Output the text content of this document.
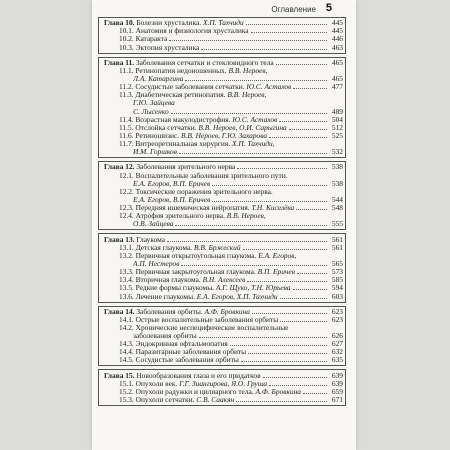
Оглавление 5
Глава 10. Болезни хрусталика. Х.П. Тахчиди	445
10.1. Анатомия и физиология хрусталика	445
10.2. Катаракта	446
10.3. Эктопия хрусталика	463
Глава 11. Заболевания сетчатки и стекловидного тела	465
11.1. Ретинопатия недоношенных. В.В. Нероев,
Л.А. Катаргина	465
11.2. Сосудистые заболевания сетчатки. Ю.С. Астахов	477
11.3. Диабетическая ретинопатия. В.В. Нероев,
Г.Ю. Зайцева
С. Лысенко	489
11.4. Возрастная макулодистрофия. Ю.С. Астахов	504
11.5. Отслойка сетчатки. В.В. Нероев, О.И. Сарыгина	512
11.6. Ретиношизис. В.В. Нероев, Г.Ю. Захарова	525
11.7. Витреоретинальная хирургия. Х.П. Тахчиди,
И.М. Горшков	532
Глава 12. Заболевания зрительного нерва	538
12.1. Воспалительные заболевания зрительного пути.
Е.А. Егоров, В.П. Еричев	538
12.2. Токсические поражения зрительного нерва.
Е.А. Егоров, В.П. Еричев	544
12.3. Передняя ишемическая нейропатия. Т.Н. Киселёва	548
12.4. Атрофия зрительного нерва. В.В. Нероев,
О.В. Зайцева	555
Глава 13. Глаукома	561
13.1. Детская глаукома. В.В. Бржеский	561
13.2. Первичная открытоугольная глаукома. Е.А. Егоров,
А.П. Нестеров	565
13.3. Первичная закрытоугольная глаукома. В.П. Еричев	573
13.4. Вторичная глаукома. В.Н. Алексеев	585
13.5. Редкие формы глаукомы. А.Г. Щуко, Т.Н. Юрьева	594
13.6. Лечение глаукомы. Е.А. Егоров, Х.П. Тахчиди	603
Глава 14. Заболевания орбиты. А.Ф. Бровкина	623
14.1. Острые воспалительные заболевания орбиты	623
14.2. Хронические неспецифические воспалительные
заболевания орбиты	626
14.3. Эндокринная офтальмопатия	627
14.4. Паразитарные заболевания орбиты	632
14.5. Сосудистые заболевания орбиты	635
Глава 15. Новообразования глаза и его придатков	639
15.1. Опухоли век. Г.Г. Зиангирова, Я.О. Груша	639
15.2. Опухоли радужки и цилиарного тела. А.Ф. Бровкина	659
15.3. Опухоли сетчатки. С.В. Саакян	671
